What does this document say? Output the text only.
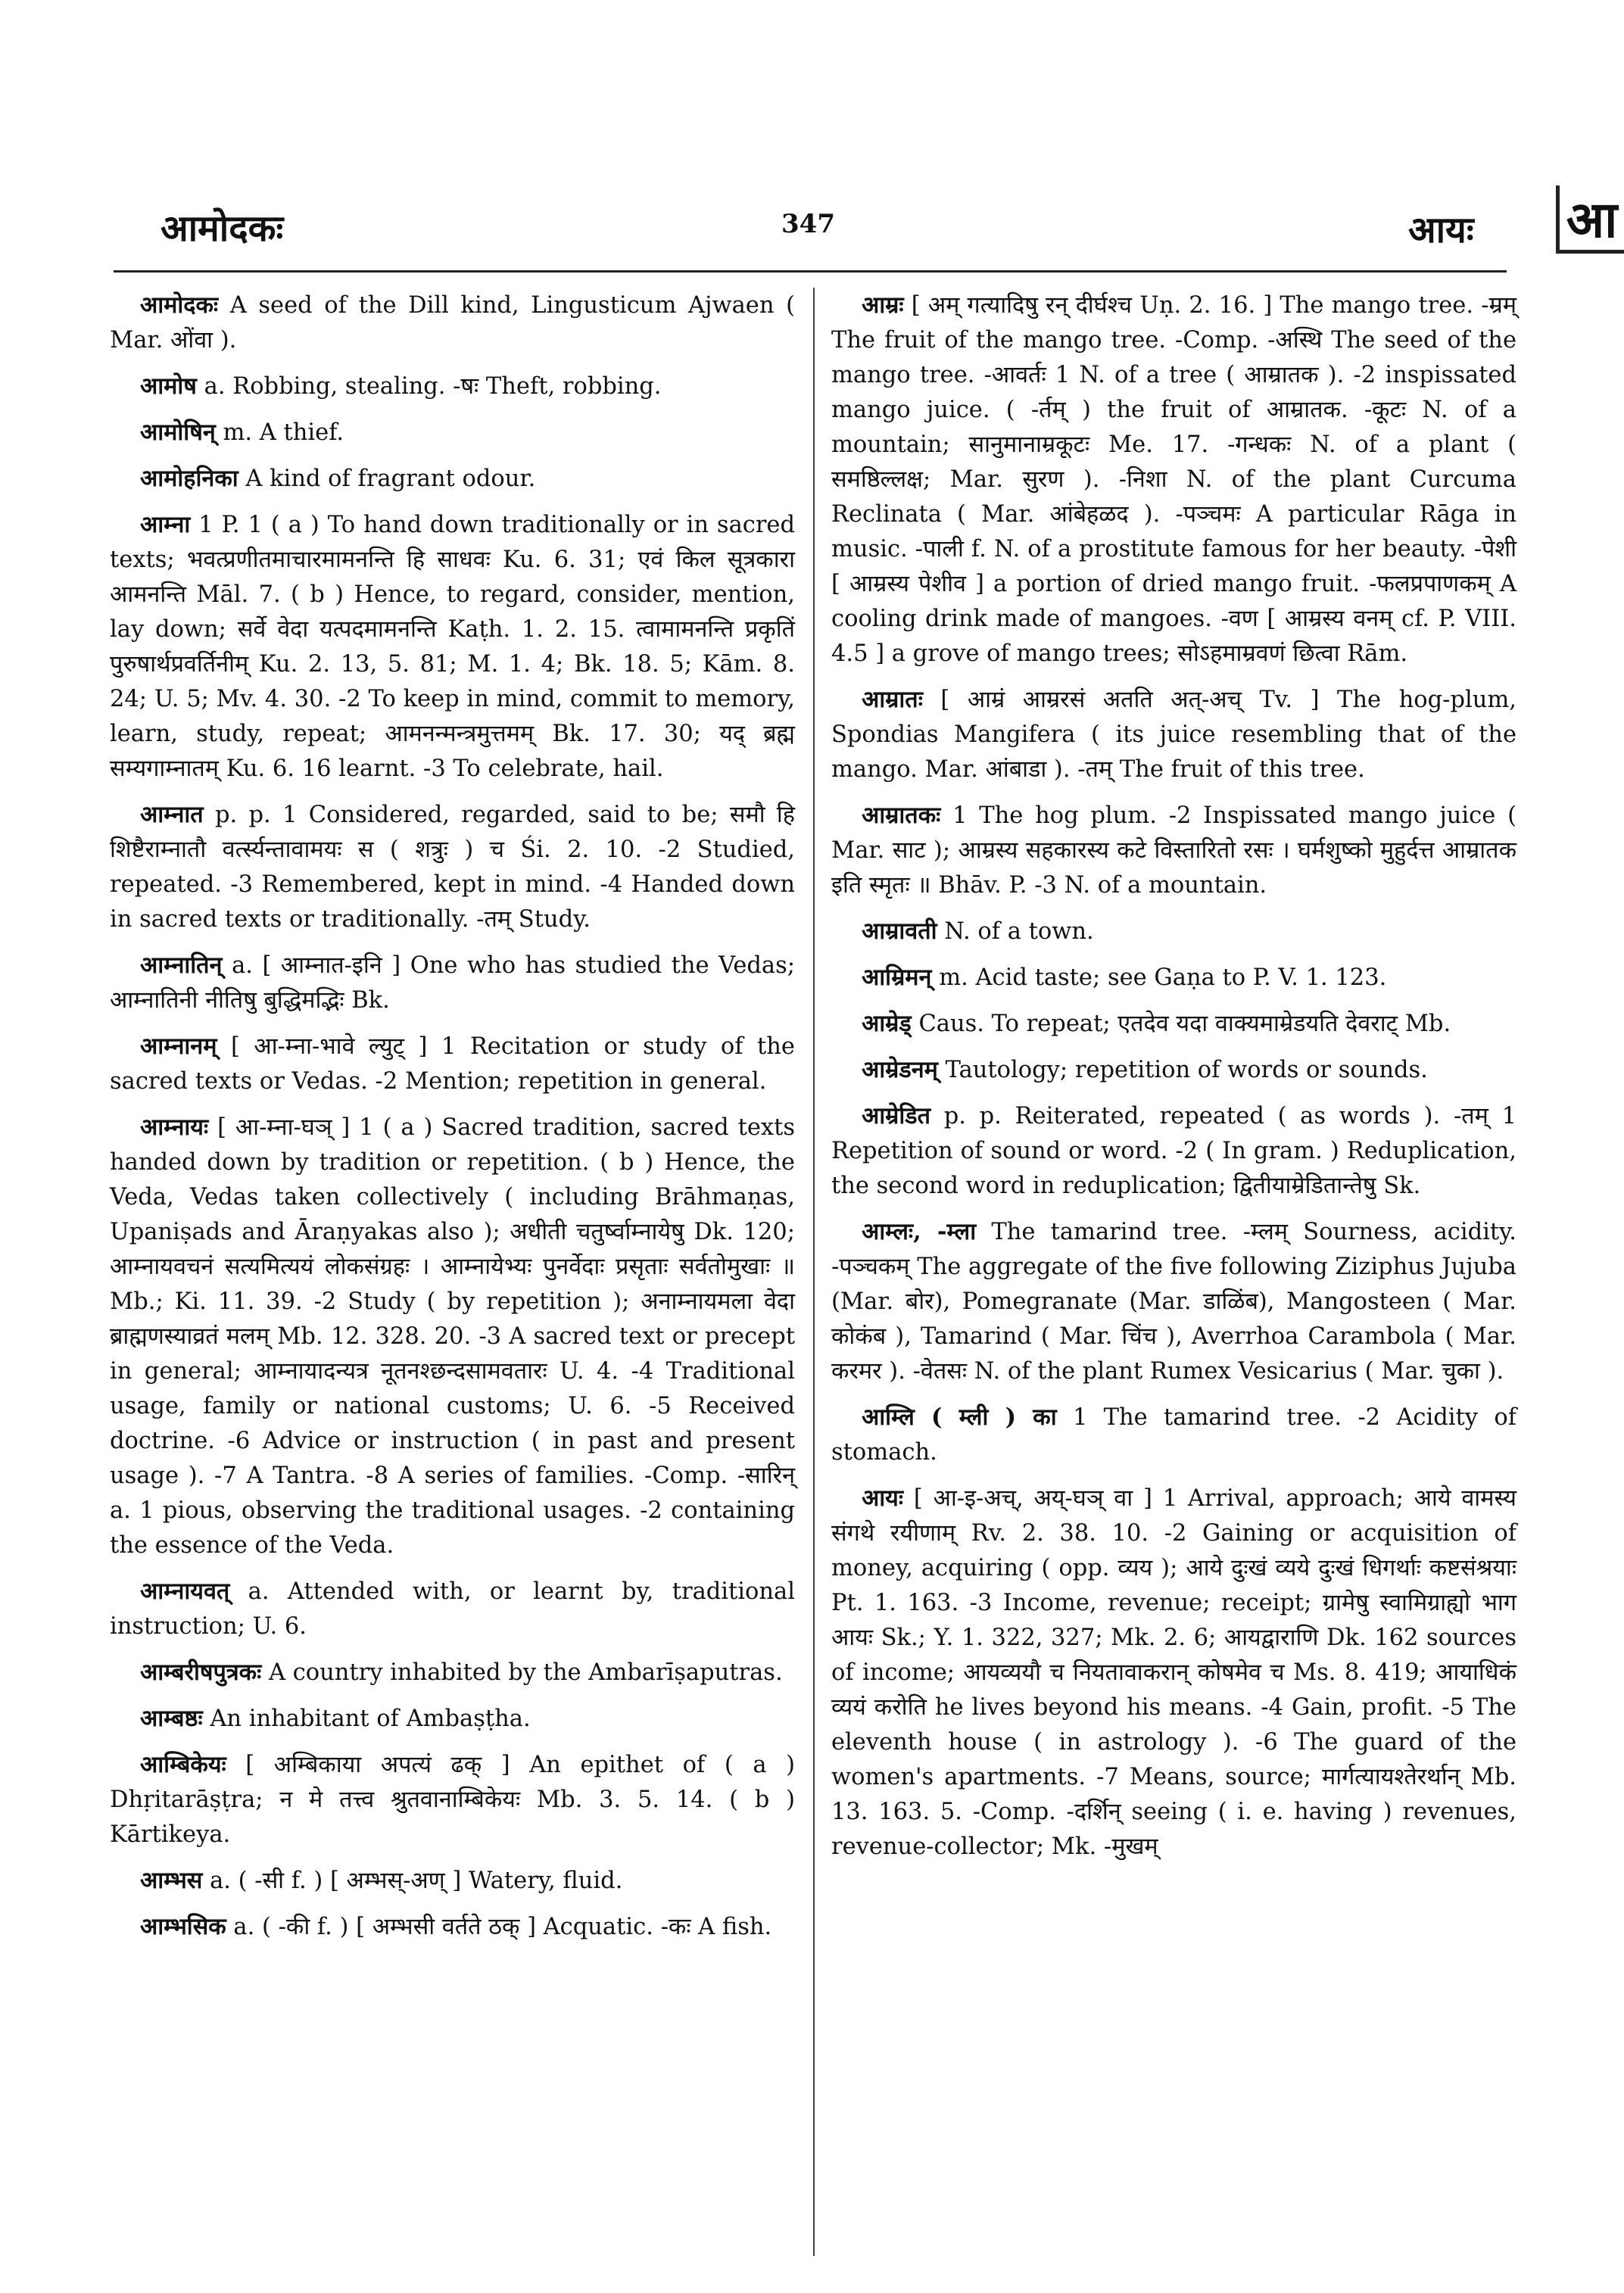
आमोदकः	347	आयः आ

आमोदकः A seed of the Dill kind, Lingusticum Ajwaen ( Mar. ओंवा ).

आमोष a. Robbing, stealing. -षः Theft, robbing.

आमोषिन् m. A thief.

आमोहनिका A kind of fragrant odour.

आम्ना 1 P. 1 ( a ) To hand down traditionally or in sacred texts; भवत्प्रणीतमाचारमामनन्ति हि साधवः Ku. 6. 31; एवं किल सूत्रकारा आमनन्ति Māl. 7. ( b ) Hence, to regard, consider, mention, lay down; सर्वे वेदा यत्पदमामनन्ति Kaṭh. 1. 2. 15. त्वामामनन्ति प्रकृतिं पुरुषार्थप्रवर्तिनीम् Ku. 2. 13, 5. 81; M. 1. 4; Bk. 18. 5; Kām. 8. 24; U. 5; Mv. 4. 30. -2 To keep in mind, commit to memory, learn, study, repeat; आमनन्मन्त्रमुत्तमम् Bk. 17. 30; यद् ब्रह्म सम्यगाम्नातम् Ku. 6. 16 learnt. -3 To celebrate, hail.

आम्नात p. p. 1 Considered, regarded, said to be; समौ हि शिष्टैराम्नातौ वर्त्स्यन्तावामयः स ( शत्रुः ) च Śi. 2. 10. -2 Studied, repeated. -3 Remembered, kept in mind. -4 Handed down in sacred texts or traditionally. -तम् Study.

आम्नातिन् a. [ आम्नात-इनि ] One who has studied the Vedas; आम्नातिनी नीतिषु बुद्धिमद्भिः Bk.

आम्नानम् [ आ-म्ना-भावे ल्युट् ] 1 Recitation or study of the sacred texts or Vedas. -2 Mention; repetition in general.

आम्नायः [ आ-म्ना-घञ् ] 1 ( a ) Sacred tradition, sacred texts handed down by tradition or repetition. ( b ) Hence, the Veda, Vedas taken collectively ( including Brāhmaṇas, Upaniṣads and Āraṇyakas also ); अधीती चतुर्ष्वाम्नायेषु Dk. 120; आम्नायवचनं सत्यमित्ययं लोकसंग्रहः । आम्नायेभ्यः पुनर्वेदाः प्रसृताः सर्वतोमुखाः ॥ Mb.; Ki. 11. 39. -2 Study ( by repetition ); अनाम्नायमला वेदा ब्राह्मणस्याव्रतं मलम् Mb. 12. 328. 20. -3 A sacred text or precept in general; आम्नायादन्यत्र नूतनश्छन्दसामवतारः U. 4. -4 Traditional usage, family or national customs; U. 6. -5 Received doctrine. -6 Advice or instruction ( in past and present usage ). -7 A Tantra. -8 A series of families. -Comp. -सारिन् a. 1 pious, observing the traditional usages. -2 containing the essence of the Veda.

आम्नायवत् a. Attended with, or learnt by, traditional instruction; U. 6.

आम्बरीषपुत्रकः A country inhabited by the Ambarīṣaputras.

आम्बष्ठः An inhabitant of Ambaṣṭha.

आम्बिकेयः [ अम्बिकाया अपत्यं ढक् ] An epithet of ( a ) Dhṛitarāṣṭra; न मे तत्त्व श्रुतवानाम्बिकेयः Mb. 3. 5. 14. ( b ) Kārtikeya.

आम्भस a. ( -सी f. ) [ अम्भस्-अण् ] Watery, fluid.

आम्भसिक a. ( -की f. ) [ अम्भसी वर्तते ठक् ] Acquatic. -कः A fish.

आम्रः [ अम् गत्यादिषु रन् दीर्घश्च Uṇ. 2. 16. ] The mango tree. -म्रम् The fruit of the mango tree. -Comp. -अस्थि The seed of the mango tree. -आवर्तः 1 N. of a tree ( आम्रातक ). -2 inspissated mango juice. ( -र्तम् ) the fruit of आम्रातक. -कूटः N. of a mountain; सानुमानाम्रकूटः Me. 17. -गन्धकः N. of a plant ( समष्ठिल्लक्ष; Mar. सुरण ). -निशा N. of the plant Curcuma Reclinata ( Mar. आंबेहळद ). -पञ्चमः A particular Rāga in music. -पाली f. N. of a prostitute famous for her beauty. -पेशी [ आम्रस्य पेशीव ] a portion of dried mango fruit. -फलप्रपाणकम् A cooling drink made of mangoes. -वण [ आम्रस्य वनम् cf. P. VIII. 4.5 ] a grove of mango trees; सोऽहमाम्रवणं छित्वा Rām.

आम्रातः [ आम्रं आम्ररसं अतति अत्-अच् Tv. ] The hog-plum, Spondias Mangifera ( its juice resembling that of the mango. Mar. आंबाडा ). -तम् The fruit of this tree.

आम्रातकः 1 The hog plum. -2 Inspissated mango juice ( Mar. साट ); आम्रस्य सहकारस्य कटे विस्तारितो रसः । घर्मशुष्को मुहुर्दत्त आम्रातक इति स्मृतः ॥ Bhāv. P. -3 N. of a mountain.

आम्रावती N. of a town.

आम्रिमन् m. Acid taste; see Gaṇa to P. V. 1. 123.

आम्रेड् Caus. To repeat; एतदेव यदा वाक्यमाम्रेडयति देवराट् Mb.

आम्रेडनम् Tautology; repetition of words or sounds.

आम्रेडित p. p. Reiterated, repeated ( as words ). -तम् 1 Repetition of sound or word. -2 ( In gram. ) Reduplication, the second word in reduplication; द्वितीयाम्रेडितान्तेषु Sk.

आम्लः, -म्ला The tamarind tree. -म्लम् Sourness, acidity. -पञ्चकम् The aggregate of the five following Ziziphus Jujuba (Mar. बोर), Pomegranate (Mar. डाळिंब), Mangosteen ( Mar. कोकंब ), Tamarind ( Mar. चिंच ), Averrhoa Carambola ( Mar. करमर ). -वेतसः N. of the plant Rumex Vesicarius ( Mar. चुका ).

आम्लि ( म्ली ) का 1 The tamarind tree. -2 Acidity of stomach.

आयः [ आ-इ-अच्, अय्-घञ् वा ] 1 Arrival, approach; आये वामस्य संगथे रयीणाम् Rv. 2. 38. 10. -2 Gaining or acquisition of money, acquiring ( opp. व्यय ); आये दुःखं व्यये दुःखं धिगर्थाः कष्टसंश्रयाः Pt. 1. 163. -3 Income, revenue; receipt; ग्रामेषु स्वामिग्राह्यो भाग आयः Sk.; Y. 1. 322, 327; Mk. 2. 6; आयद्वाराणि Dk. 162 sources of income; आयव्ययौ च नियतावाकरान् कोषमेव च Ms. 8. 419; आयाधिकं व्ययं करोति he lives beyond his means. -4 Gain, profit. -5 The eleventh house ( in astrology ). -6 The guard of the women's apartments. -7 Means, source; मार्गत्यायश्तेरर्थान् Mb. 13. 163. 5. -Comp. -दर्शिन् seeing ( i. e. having ) revenues, revenue-collector; Mk. -मुखम्
